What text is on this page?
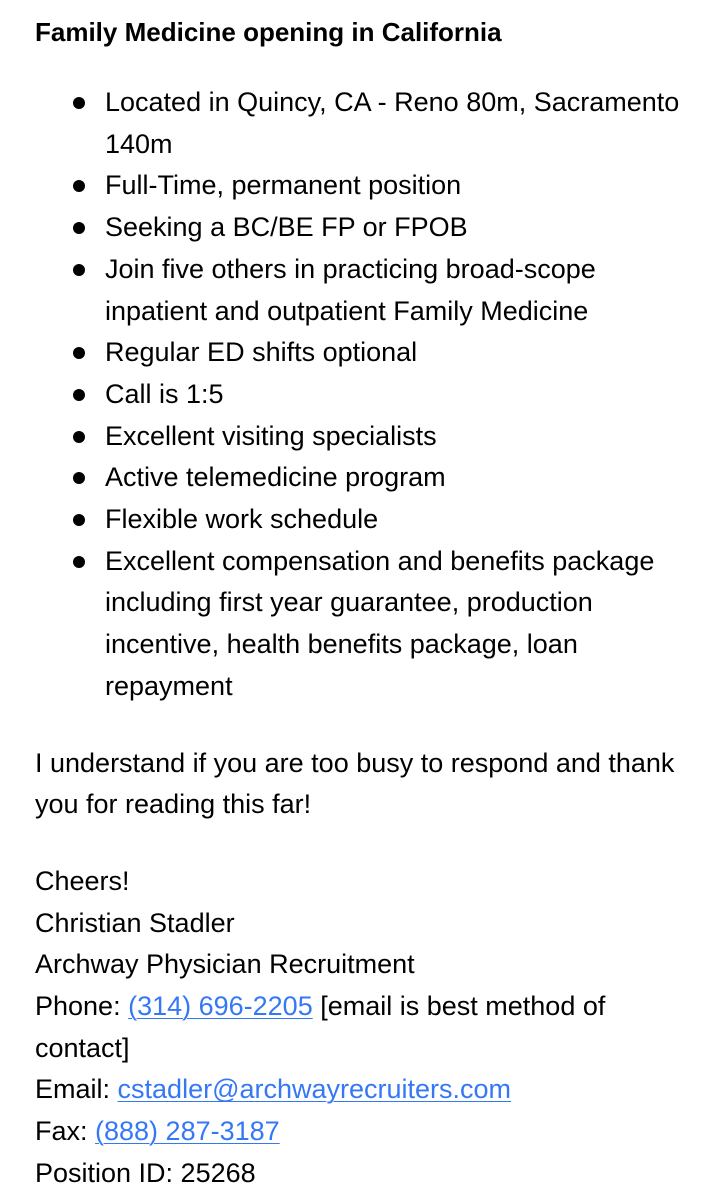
Family Medicine opening in California

Located in Quincy, CA - Reno 80m, Sacramento 140m
Full-Time, permanent position
Seeking a BC/BE FP or FPOB
Join five others in practicing broad-scope inpatient and outpatient Family Medicine
Regular ED shifts optional
Call is 1:5
Excellent visiting specialists
Active telemedicine program
Flexible work schedule
Excellent compensation and benefits package including first year guarantee, production incentive, health benefits package, loan repayment

I understand if you are too busy to respond and thank you for reading this far!

Cheers!
Christian Stadler
Archway Physician Recruitment
Phone: (314) 696-2205 [email is best method of contact]
Email: cstadler@archwayrecruiters.com
Fax: (888) 287-3187
Position ID: 25268
